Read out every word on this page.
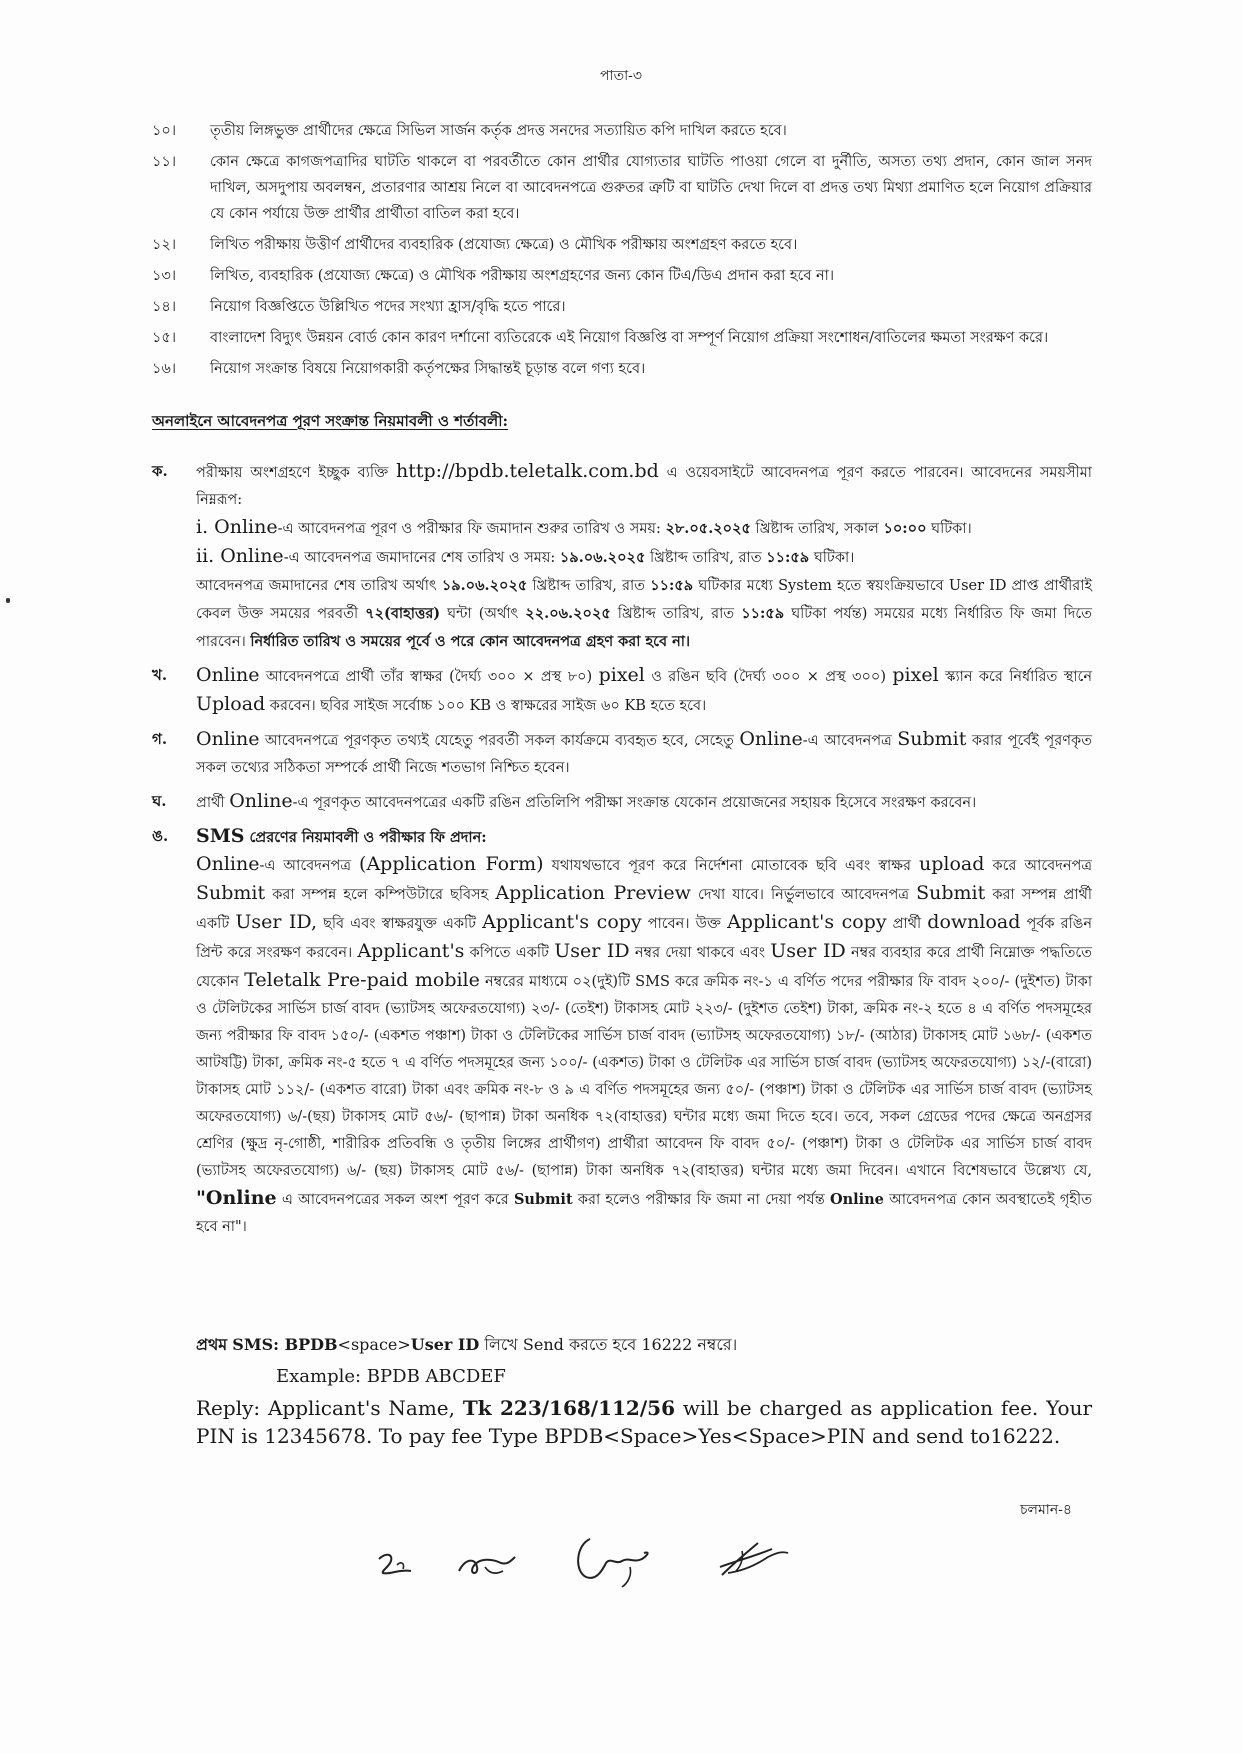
পাতা-৩
১০।	তৃতীয় লিঙ্গভুক্ত প্রার্থীদের ক্ষেত্রে সিভিল সার্জন কর্তৃক প্রদত্ত সনদের সত্যায়িত কপি দাখিল করতে হবে।
১১।	কোন ক্ষেত্রে কাগজপত্রাদির ঘাটতি থাকলে বা পরবর্তীতে কোন প্রার্থীর যোগ্যতার ঘাটতি পাওয়া গেলে বা দুর্নীতি, অসত্য তথ্য প্রদান, কোন জাল সনদ দাখিল, অসদুপায় অবলম্বন, প্রতারণার আশ্রয় নিলে বা আবেদনপত্রে গুরুতর ত্রুটি বা ঘাটতি দেখা দিলে বা প্রদত্ত তথ্য মিথ্যা প্রমাণিত হলে নিয়োগ প্রক্রিয়ার যে কোন পর্যায়ে উক্ত প্রার্থীর প্রার্থীতা বাতিল করা হবে।
১২।	লিখিত পরীক্ষায় উত্তীর্ণ প্রার্থীদের ব্যবহারিক (প্রযোজ্য ক্ষেত্রে) ও মৌখিক পরীক্ষায় অংশগ্রহণ করতে হবে।
১৩।	লিখিত, ব্যবহারিক (প্রযোজ্য ক্ষেত্রে) ও মৌখিক পরীক্ষায় অংশগ্রহণের জন্য কোন টিএ/ডিএ প্রদান করা হবে না।
১৪।	নিয়োগ বিজ্ঞপ্তিতে উল্লিখিত পদের সংখ্যা হ্রাস/বৃদ্ধি হতে পারে।
১৫।	বাংলাদেশ বিদ্যুৎ উন্নয়ন বোর্ড কোন কারণ দর্শানো ব্যতিরেকে এই নিয়োগ বিজ্ঞপ্তি বা সম্পূর্ণ নিয়োগ প্রক্রিয়া সংশোধন/বাতিলের ক্ষমতা সংরক্ষণ করে।
১৬।	নিয়োগ সংক্রান্ত বিষয়ে নিয়োগকারী কর্তৃপক্ষের সিদ্ধান্তই চূড়ান্ত বলে গণ্য হবে।
অনলাইনে আবেদনপত্র পূরণ সংক্রান্ত নিয়মাবলী ও শর্তাবলী:
ক.	পরীক্ষায় অংশগ্রহণে ইচ্ছুক ব্যক্তি http://bpdb.teletalk.com.bd এ ওয়েবসাইটে আবেদনপত্র পূরণ করতে পারবেন। আবেদনের সময়সীমা নিম্নরূপ:

i. Online-এ আবেদনপত্র পূরণ ও পরীক্ষার ফি জমাদান শুরুর তারিখ ও সময়: ২৮.০৫.২০২৫ খ্রিষ্টাব্দ তারিখ, সকাল ১০:০০ ঘটিকা।

ii. Online-এ আবেদনপত্র জমাদানের শেষ তারিখ ও সময়: ১৯.০৬.২০২৫ খ্রিষ্টাব্দ তারিখ, রাত ১১:৫৯ ঘটিকা।

আবেদনপত্র জমাদানের শেষ তারিখ অর্থাৎ ১৯.০৬.২০২৫ খ্রিষ্টাব্দ তারিখ, রাত ১১:৫৯ ঘটিকার মধ্যে System হতে স্বয়ংক্রিয়ভাবে User ID প্রাপ্ত প্রার্থীরাই কেবল উক্ত সময়ের পরবর্তী ৭২(বাহাত্তর) ঘন্টা (অর্থাৎ ২২.০৬.২০২৫ খ্রিষ্টাব্দ তারিখ, রাত ১১:৫৯ ঘটিকা পর্যন্ত) সময়ের মধ্যে নির্ধারিত ফি জমা দিতে পারবেন। নির্ধারিত তারিখ ও সময়ের পূর্বে ও পরে কোন আবেদনপত্র গ্রহণ করা হবে না।

খ.	Online আবেদনপত্রে প্রার্থী তাঁর স্বাক্ষর (দৈর্ঘ্য ৩০০ × প্রস্থ ৮০) pixel ও রঙিন ছবি (দৈর্ঘ্য ৩০০ × প্রস্থ ৩০০) pixel স্ক্যান করে নির্ধারিত স্থানে Upload করবেন। ছবির সাইজ সর্বোচ্চ ১০০ KB ও স্বাক্ষরের সাইজ ৬০ KB হতে হবে।
গ.	Online আবেদনপত্রে পূরণকৃত তথ্যই যেহেতু পরবর্তী সকল কার্যক্রমে ব্যবহৃত হবে, সেহেতু Online-এ আবেদনপত্র Submit করার পূর্বেই পূরণকৃত সকল তথ্যের সঠিকতা সম্পর্কে প্রার্থী নিজে শতভাগ নিশ্চিত হবেন।
ঘ.	প্রার্থী Online-এ পূরণকৃত আবেদনপত্রের একটি রঙিন প্রতিলিপি পরীক্ষা সংক্রান্ত যেকোন প্রয়োজনের সহায়ক হিসেবে সংরক্ষণ করবেন।
ঙ.	SMS প্রেরণের নিয়মাবলী ও পরীক্ষার ফি প্রদান:

Online-এ আবেদনপত্র (Application Form) যথাযথভাবে পূরণ করে নির্দেশনা মোতাবেক ছবি এবং স্বাক্ষর upload করে আবেদনপত্র Submit করা সম্পন্ন হলে কম্পিউটারে ছবিসহ Application Preview দেখা যাবে। নির্ভুলভাবে আবেদনপত্র Submit করা সম্পন্ন প্রার্থী একটি User ID, ছবি এবং স্বাক্ষরযুক্ত একটি Applicant's copy পাবেন। উক্ত Applicant's copy প্রার্থী download পূর্বক রঙিন প্রিন্ট করে সংরক্ষণ করবেন। Applicant's কপিতে একটি User ID নম্বর দেয়া থাকবে এবং User ID নম্বর ব্যবহার করে প্রার্থী নিম্নোক্ত পদ্ধতিতে যেকোন Teletalk Pre-paid mobile নম্বরের মাধ্যমে ০২(দুই)টি SMS করে ক্রমিক নং-১ এ বর্ণিত পদের পরীক্ষার ফি বাবদ ২০০/- (দুইশত) টাকা ও টেলিটকের সার্ভিস চার্জ বাবদ (ভ্যাটসহ অফেরতযোগ্য) ২৩/- (তেইশ) টাকাসহ মোট ২২৩/- (দুইশত তেইশ) টাকা, ক্রমিক নং-২ হতে ৪ এ বর্ণিত পদসমূহের জন্য পরীক্ষার ফি বাবদ ১৫০/- (একশত পঞ্চাশ) টাকা ও টেলিটকের সার্ভিস চার্জ বাবদ (ভ্যাটসহ অফেরতযোগ্য) ১৮/- (আঠার) টাকাসহ মোট ১৬৮/- (একশত আটষট্টি) টাকা, ক্রমিক নং-৫ হতে ৭ এ বর্ণিত পদসমূহের জন্য ১০০/- (একশত) টাকা ও টেলিটক এর সার্ভিস চার্জ বাবদ (ভ্যাটসহ অফেরতযোগ্য) ১২/-(বারো) টাকাসহ মোট ১১২/- (একশত বারো) টাকা এবং ক্রমিক নং-৮ ও ৯ এ বর্ণিত পদসমূহের জন্য ৫০/- (পঞ্চাশ) টাকা ও টেলিটক এর সার্ভিস চার্জ বাবদ (ভ্যাটসহ অফেরতযোগ্য) ৬/-(ছয়) টাকাসহ মোট ৫৬/- (ছাপান্ন) টাকা অনধিক ৭২(বাহাত্তর) ঘন্টার মধ্যে জমা দিতে হবে। তবে, সকল গ্রেডের পদের ক্ষেত্রে অনগ্রসর শ্রেণির (ক্ষুদ্র নৃ-গোষ্ঠী, শারীরিক প্রতিবন্ধি ও তৃতীয় লিঙ্গের প্রার্থীগণ) প্রার্থীরা আবেদন ফি বাবদ ৫০/- (পঞ্চাশ) টাকা ও টেলিটক এর সার্ভিস চার্জ বাবদ (ভ্যাটসহ অফেরতযোগ্য) ৬/- (ছয়) টাকাসহ মোট ৫৬/- (ছাপান্ন) টাকা অনধিক ৭২(বাহাত্তর) ঘন্টার মধ্যে জমা দিবেন। এখানে বিশেষভাবে উল্লেখ্য যে, "Online এ আবেদনপত্রের সকল অংশ পূরণ করে Submit করা হলেও পরীক্ষার ফি জমা না দেয়া পর্যন্ত Online আবেদনপত্র কোন অবস্থাতেই গৃহীত হবে না"।

প্রথম SMS: BPDB<space>User ID লিখে Send করতে হবে 16222 নম্বরে।
Example: BPDB ABCDEF
Reply: Applicant's Name, Tk 223/168/112/56 will be charged as application fee. Your PIN is 12345678. To pay fee Type BPDB<Space>Yes<Space>PIN and send to16222.
চলমান-৪
